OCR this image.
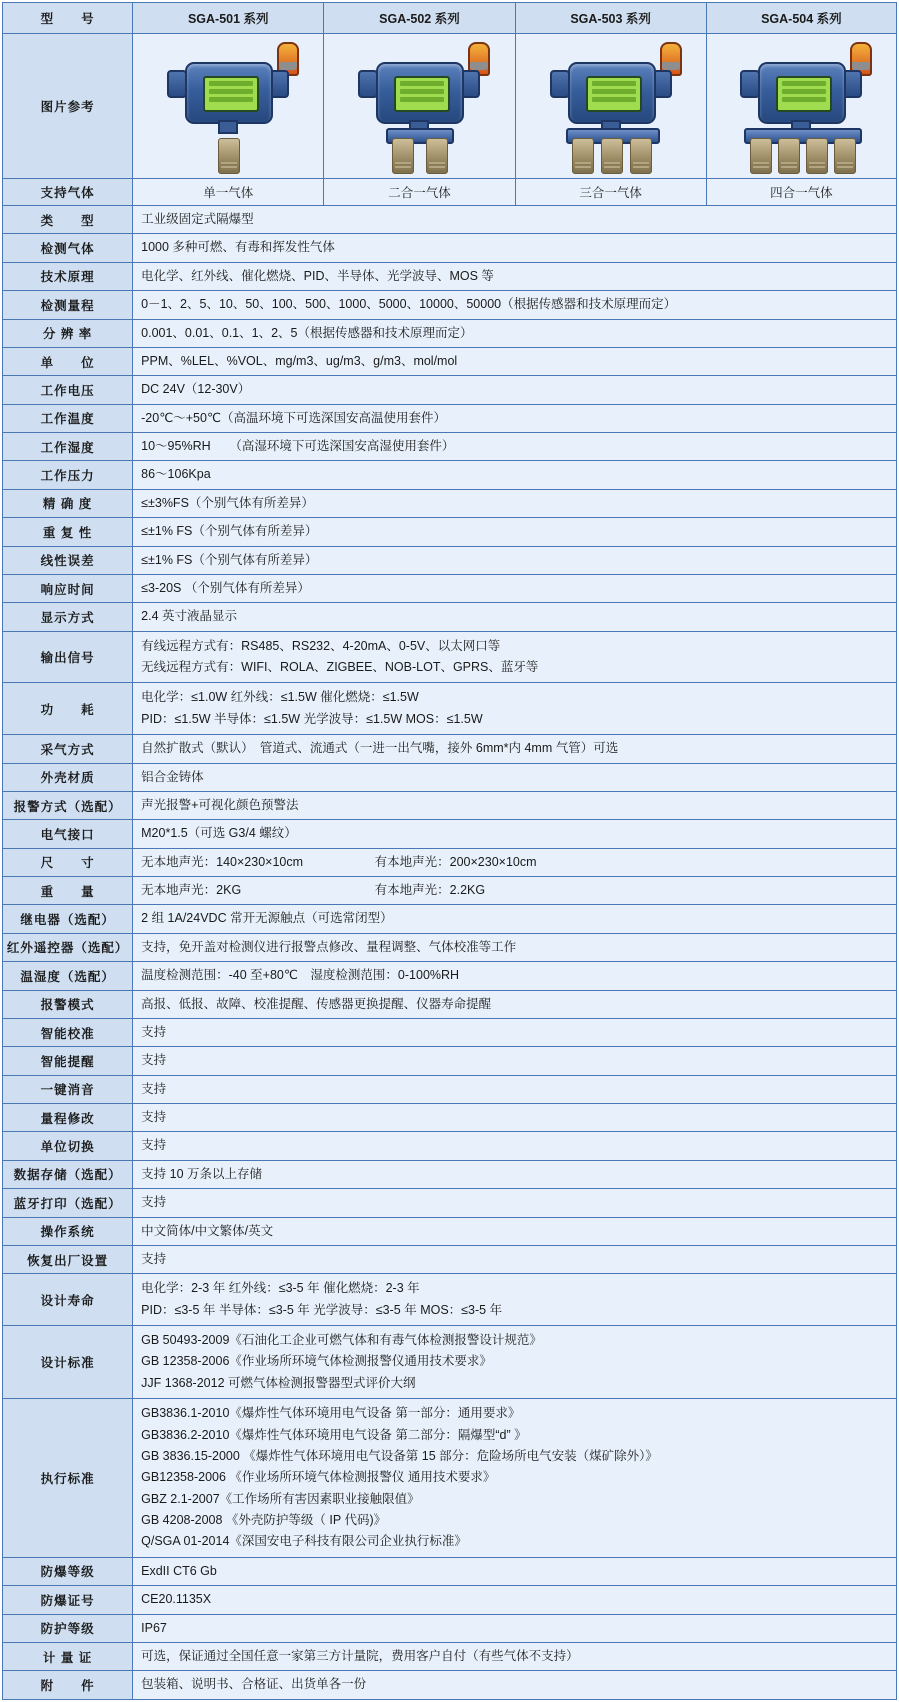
型　　号	SGA-501 系列	SGA-502 系列	SGA-503 系列	SGA-504 系列
图片参考	

支持气体	单一气体	二合一气体	三合一气体	四合一气体
类　　型	工业级固定式隔爆型			
检测气体	1000 多种可燃、有毒和挥发性气体			
技术原理	电化学、红外线、催化燃烧、PID、半导体、光学波导、MOS 等			
检测量程	0－1、2、5、10、50、100、500、1000、5000、10000、50000（根据传感器和技术原理而定）			
分 辨 率	0.001、0.01、0.1、1、2、5（根据传感器和技术原理而定）			
单　　位	PPM、%LEL、%VOL、mg/m3、ug/m3、g/m3、mol/mol			
工作电压	DC 24V（12-30V）			
工作温度	-20℃～+50℃（高温环境下可选深国安高温使用套件）			
工作湿度	10～95%RH　　（高湿环境下可选深国安高湿使用套件）			
工作压力	86～106Kpa			
精 确 度	≤±3%FS（个别气体有所差异）			
重 复 性	≤±1% FS（个别气体有所差异）			
线性误差	≤±1% FS（个别气体有所差异）			
响应时间	≤3-20S （个别气体有所差异）			
显示方式	2.4 英寸液晶显示			
输出信号	有线远程方式有：RS485、RS232、4-20mA、0-5V、以太网口等
无线远程方式有：WIFI、ROLA、ZIGBEE、NOB-LOT、GPRS、蓝牙等			

功　　耗	电化学：≤1.0W 红外线：≤1.5W 催化燃烧：≤1.5W
PID：≤1.5W 半导体：≤1.5W 光学波导：≤1.5W MOS：≤1.5W			

采气方式	自然扩散式（默认）　管道式、流通式（一进一出气嘴，接外 6mm*内 4mm 气管）可选			
外壳材质	铝合金铸体			
报警方式（选配）	声光报警+可视化颜色预警法			
电气接口	M20*1.5（可选 G3/4 螺纹）			
尺　　寸	无本地声光：140×230×10cm 有本地声光：200×230×10cm			
重　　量	无本地声光：2KG 有本地声光：2.2KG			
继电器（选配）	2 组 1A/24VDC 常开无源触点（可选常闭型）			
红外遥控器（选配）	支持，免开盖对检测仪进行报警点修改、量程调整、气体校准等工作			
温湿度（选配）	温度检测范围：-40 至+80℃　湿度检测范围：0-100%RH			
报警模式	高报、低报、故障、校准提醒、传感器更换提醒、仪器寿命提醒			
智能校准	支持			
智能提醒	支持			
一键消音	支持			
量程修改	支持			
单位切换	支持			
数据存储（选配）	支持 10 万条以上存储			
蓝牙打印（选配）	支持			
操作系统	中文简体/中文繁体/英文			
恢复出厂设置	支持			
设计寿命	电化学：2-3 年 红外线：≤3-5 年 催化燃烧：2-3 年
PID：≤3-5 年 半导体：≤3-5 年 光学波导：≤3-5 年 MOS：≤3-5 年			

设计标准	GB 50493-2009《石油化工企业可燃气体和有毒气体检测报警设计规范》
GB 12358-2006《作业场所环境气体检测报警仪通用技术要求》
JJF 1368-2012 可燃气体检测报警器型式评价大纲			

执行标准	
GB3836.1-2010《爆炸性气体环境用电气设备 第一部分：通用要求》
GB3836.2-2010《爆炸性气体环境用电气设备 第二部分：隔爆型“d” 》
GB 3836.15-2000 《爆炸性气体环境用电气设备第 15 部分：危险场所电气安装（煤矿除外）》
GB12358-2006 《作业场所环境气体检测报警仪 通用技术要求》
GBZ 2.1-2007《工作场所有害因素职业接触限值》
GB 4208-2008 《外壳防护等级（ IP 代码)》
Q/SGA 01-2014《深国安电子科技有限公司企业执行标准》

防爆等级	ExdII CT6 Gb			
防爆证号	CE20.1135X			
防护等级	IP67			
计 量 证	可选，保证通过全国任意一家第三方计量院，费用客户自付（有些气体不支持）			
附　　件	包装箱、说明书、合格证、出货单各一份			
